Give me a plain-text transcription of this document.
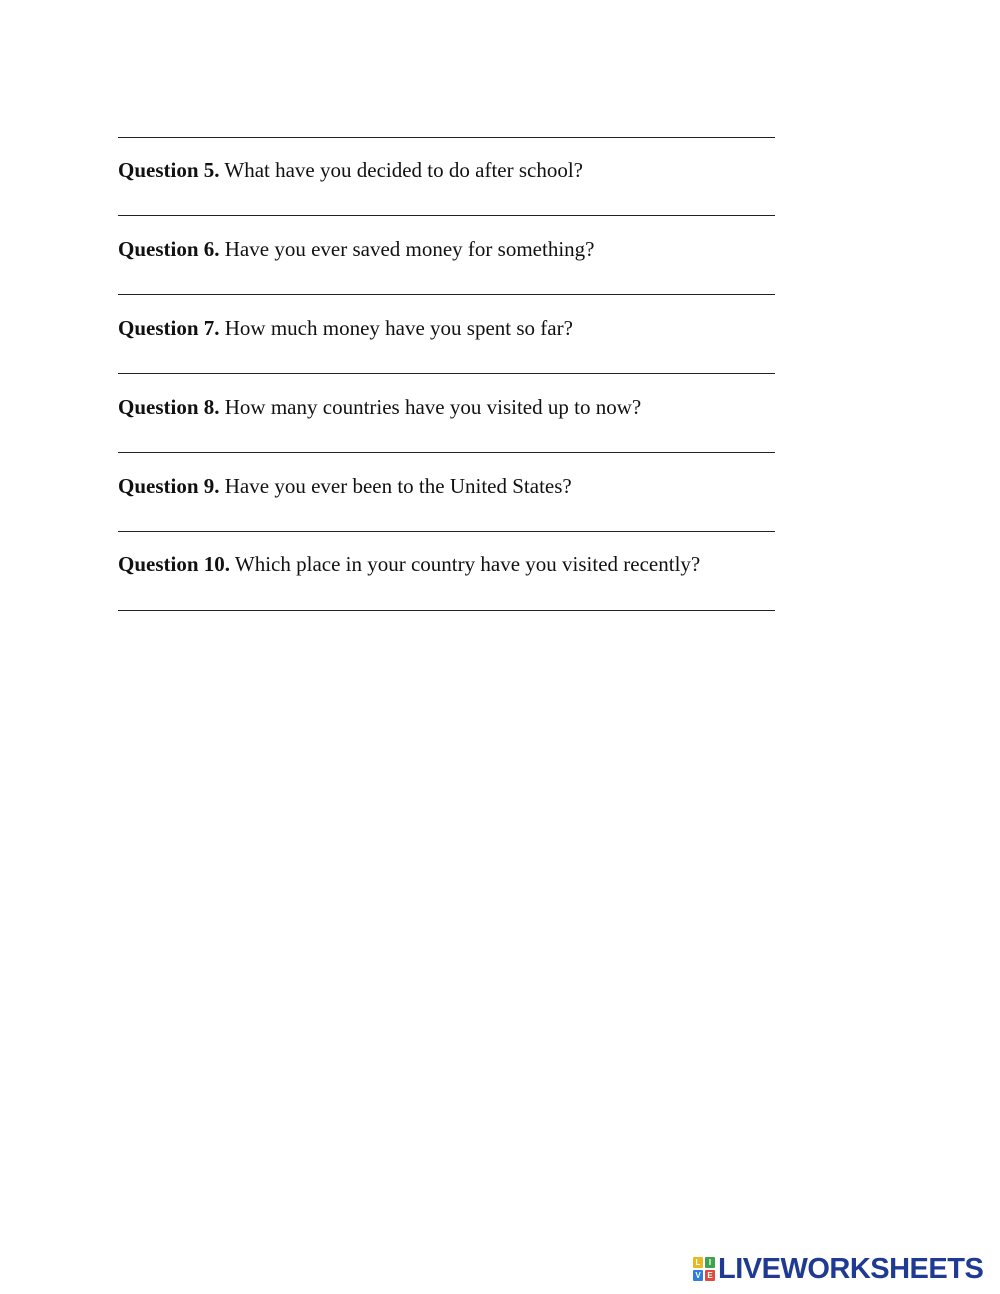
Question 5. What have you decided to do after school?
Question 6. Have you ever saved money for something?
Question 7. How much money have you spent so far?
Question 8. How many countries have you visited up to now?
Question 9. Have you ever been to the United States?
Question 10. Which place in your country have you visited recently?
L	I
V E LIVEWORKSHEETS
